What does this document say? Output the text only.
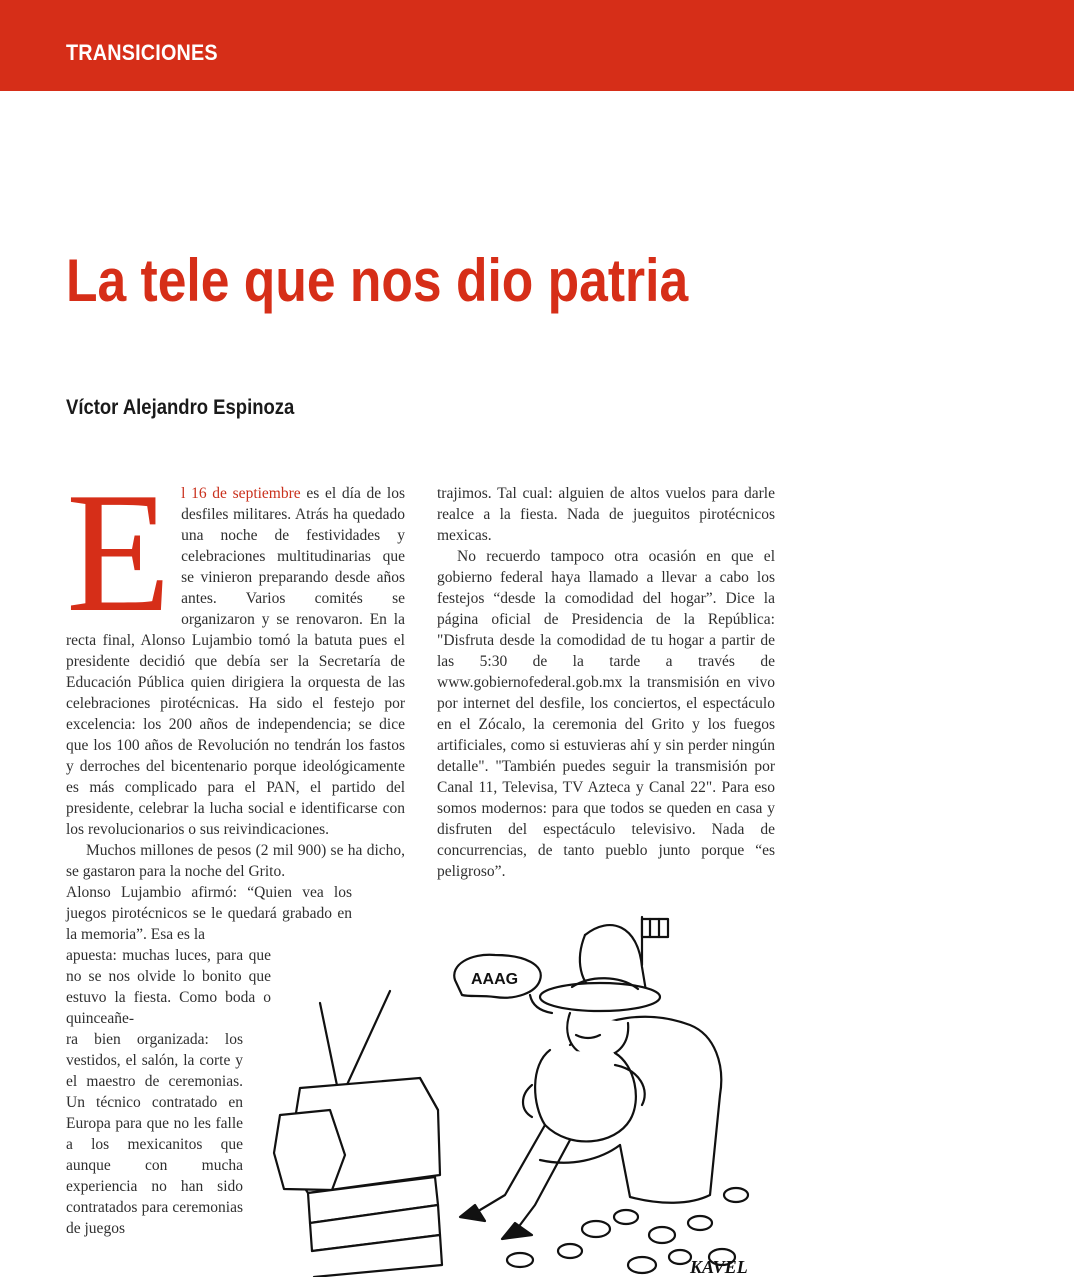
TRANSICIONES
La tele que nos dio patria
Víctor Alejandro Espinoza

El 16 de septiembre es el día de los desfiles militares. Atrás ha quedado una noche de festividades y celebraciones multitudinarias que se vinieron preparando desde años antes. Varios comités se organizaron y se renovaron. En la recta final, Alonso Lujambio tomó la batuta pues el presidente decidió que debía ser la Secretaría de Educación Pública quien dirigiera la orquesta de las celebraciones pirotécnicas. Ha sido el festejo por excelencia: los 200 años de independencia; se dice que los 100 años de Revolución no tendrán los fastos y derroches del bicentenario porque ideológicamente es más complicado para el PAN, el partido del presidente, celebrar la lucha social e identificarse con los revolucionarios o sus reivindicaciones.

Muchos millones de pesos (2 mil 900) se ha dicho, se gastaron para la noche del Grito.

Alonso Lujambio afirmó: “Quien vea los juegos pirotécnicos se le quedará grabado en la memoria”. Esa es la

apuesta: muchas luces, para que no se nos olvide lo bonito que estuvo la fiesta. Como boda o quinceañe-

ra bien organizada: los vestidos, el salón, la corte y el maestro de ceremonias. Un técnico contratado en Europa para que no les falle a los mexicanitos que aunque con mucha experiencia no han sido contratados para ceremonias de juegos

trajimos. Tal cual: alguien de altos vuelos para darle realce a la fiesta. Nada de jueguitos pirotécnicos mexicas.

No recuerdo tampoco otra ocasión en que el gobierno federal haya llamado a llevar a cabo los festejos “desde la comodidad del hogar”. Dice la página oficial de Presidencia de la República: "Disfruta desde la comodidad de tu hogar a partir de las 5:30 de la tarde a través de www.gobiernofederal.gob.mx la transmisión en vivo por internet del desfile, los conciertos, el espectáculo en el Zócalo, la ceremonia del Grito y los fuegos artificiales, como si estuvieras ahí y sin perder ningún detalle". "También puedes seguir la transmisión por Canal 11, Televisa, TV Azteca y Canal 22". Para eso somos modernos: para que todos se queden en casa y disfruten del espectáculo televisivo. Nada de concurrencias, de tanto pueblo junto porque “es peligroso”.

AAAG
KAVEL
